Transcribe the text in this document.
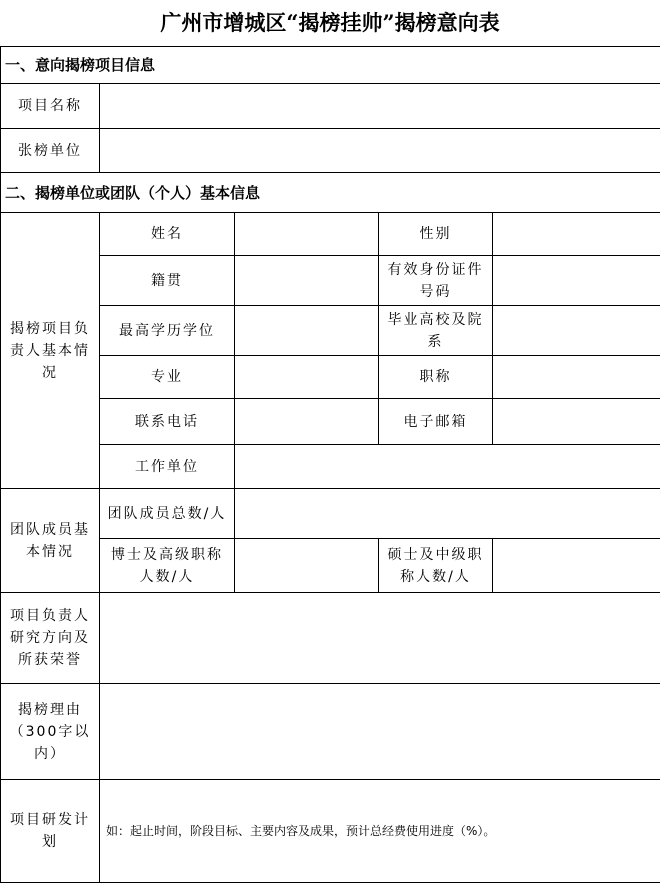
广州市增城区“揭榜挂帅”揭榜意向表
一、意向揭榜项目信息				
项目名称				
张榜单位				
二、揭榜单位或团队（个人）基本信息				
揭榜项目负责人基本情况	姓名		性别	
	籍贯		有效身份证件号码	
	最高学历学位		毕业高校及院系	
	专业		职称	
	联系电话		电子邮箱	
	工作单位			
团队成员基本情况	团队成员总数/人			
	博士及高级职称人数/人		硕士及中级职称人数/人	
项目负责人研究方向及所获荣誉				
揭榜理由（300字以内）				
项目研发计划	如：起止时间，阶段目标、主要内容及成果，预计总经费使用进度（%）。			
